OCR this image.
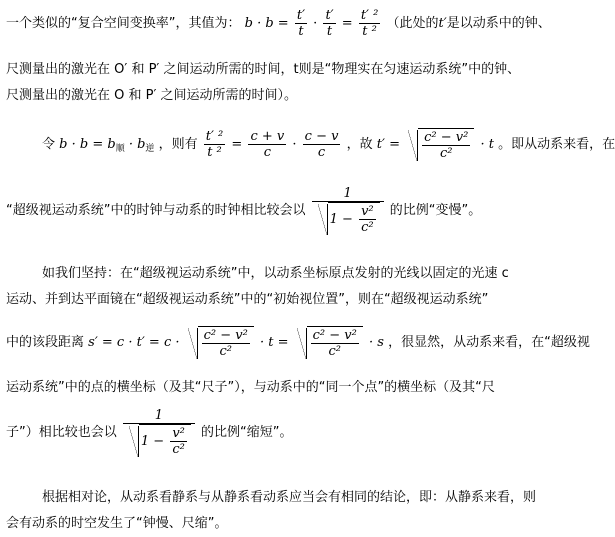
一个类似的“复合空间变换率”，其值为： $b \cdot b = \frac{t'}{t} \cdot \frac{t'}{t} = \frac{\text{t′ ²}}{\text{t ²}}$ （此处的t′是以动系中的钟、
尺测量出的激光在 O′ 和 P′ 之间运动所需的时间，t则是“物理实在匀速运动系统”中的钟、
尺测量出的激光在 O 和 P′ 之间运动所需的时间）。
令 $b \cdot b = b_顺 \cdot b_逆$ ，则有 $\frac{\text{t′ ²}}{\text{t ²}} = \frac{c + v}{c} \cdot \frac{c - v}{c}$ ，故 $t' = \frac{\text{c² − v²}}{\text{c²}} \cdot t$ 。即从动系来看，在
“超级视运动系统”中的时钟与动系的时钟相比较会以 $\frac{1}{1 - \frac{\text{v²}}{\text{c²}}}$ 的比例“变慢”。
如我们坚持：在“超级视运动系统”中，以动系坐标原点发射的光线以固定的光速 c
运动、并到达平面镜在“超级视运动系统”中的“初始视位置”，则在“超级视运动系统”
中的该段距离 $s' = c \cdot t' = c \cdot \frac{\text{c² − v²}}{\text{c²}} \cdot t = \frac{\text{c² − v²}}{\text{c²}} \cdot s$ ，很显然，从动系来看，在“超级视
运动系统”中的点的横坐标（及其“尺子”），与动系中的“同一个点”的横坐标（及其“尺
子”）相比较也会以 $\frac{1}{1 - \frac{\text{v²}}{\text{c²}}}$ 的比例“缩短”。
根据相对论，从动系看静系与从静系看动系应当会有相同的结论，即：从静系来看，则
会有动系的时空发生了“钟慢、尺缩”。
